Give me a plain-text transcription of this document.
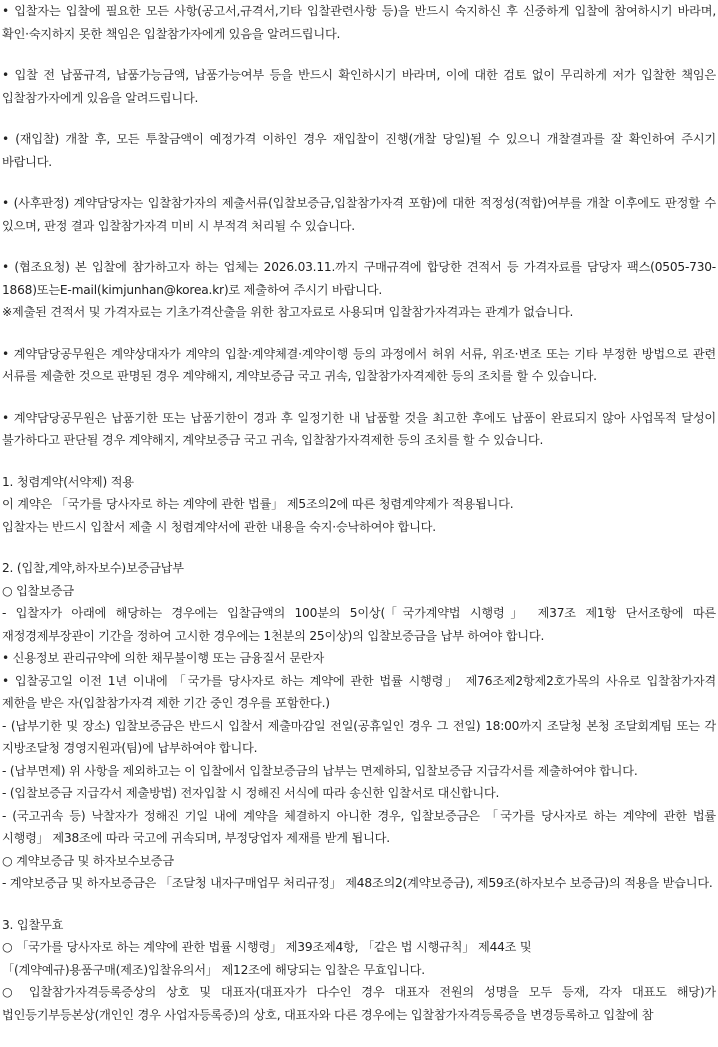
• 입찰자는 입찰에 필요한 모든 사항(공고서,규격서,기타 입찰관련사항 등)을 반드시 숙지하신 후 신중하게 입찰에 참여하시기 바라며,확인·숙지하지 못한 책임은 입찰참가자에게 있음을 알려드립니다.

• 입찰 전 납품규격, 납품가능금액, 납품가능여부 등을 반드시 확인하시기 바라며, 이에 대한 검토 없이 무리하게 저가 입찰한 책임은 입찰참가자에게 있음을 알려드립니다.

• (재입찰) 개찰 후, 모든 투찰금액이 예정가격 이하인 경우 재입찰이 진행(개찰 당일)될 수 있으니 개찰결과를 잘 확인하여 주시기 바랍니다.

• (사후판정) 계약담당자는 입찰참가자의 제출서류(입찰보증금,입찰참가자격 포함)에 대한 적정성(적합)여부를 개찰 이후에도 판정할 수 있으며, 판정 결과 입찰참가자격 미비 시 부적격 처리될 수 있습니다.

• (협조요청) 본 입찰에 참가하고자 하는 업체는 2026.03.11.까지 구매규격에 합당한 견적서 등 가격자료를 담당자 팩스(0505-730-1868)또는E-mail(kimjunhan@korea.kr)로 제출하여 주시기 바랍니다.

※제출된 견적서 및 가격자료는 기초가격산출을 위한 참고자료로 사용되며 입찰참가자격과는 관계가 없습니다.

• 계약담당공무원은 계약상대자가 계약의 입찰·계약체결·계약이행 등의 과정에서 허위 서류, 위조·변조 또는 기타 부정한 방법으로 관련 서류를 제출한 것으로 판명된 경우 계약해지, 계약보증금 국고 귀속, 입찰참가자격제한 등의 조치를 할 수 있습니다.

• 계약담당공무원은 납품기한 또는 납품기한이 경과 후 일정기한 내 납품할 것을 최고한 후에도 납품이 완료되지 않아 사업목적 달성이 불가하다고 판단될 경우 계약해지, 계약보증금 국고 귀속, 입찰참가자격제한 등의 조치를 할 수 있습니다.

1. 청렴계약(서약제) 적용

이 계약은 「국가를 당사자로 하는 계약에 관한 법률」 제5조의2에 따른 청렴계약제가 적용됩니다.

입찰자는 반드시 입찰서 제출 시 청렴계약서에 관한 내용을 숙지·승낙하여야 합니다.

2. (입찰,계약,하자보수)보증금납부

○ 입찰보증금

- 입찰자가 아래에 해당하는 경우에는 입찰금액의 100분의 5이상(「국가계약법 시행령」 제37조 제1항 단서조항에 따른 재정경제부장관이 기간을 정하여 고시한 경우에는 1천분의 25이상)의 입찰보증금을 납부 하여야 합니다.

• 신용정보 관리규약에 의한 채무불이행 또는 금융질서 문란자

• 입찰공고일 이전 1년 이내에 「국가를 당사자로 하는 계약에 관한 법률 시행령」 제76조제2항제2호가목의 사유로 입찰참가자격 제한을 받은 자(입찰참가자격 제한 기간 중인 경우를 포함한다.)

- (납부기한 및 장소) 입찰보증금은 반드시 입찰서 제출마감일 전일(공휴일인 경우 그 전일) 18:00까지 조달청 본청 조달회계팀 또는 각 지방조달청 경영지원과(팀)에 납부하여야 합니다.

- (납부면제) 위 사항을 제외하고는 이 입찰에서 입찰보증금의 납부는 면제하되, 입찰보증금 지급각서를 제출하여야 합니다.

- (입찰보증금 지급각서 제출방법) 전자입찰 시 정해진 서식에 따라 송신한 입찰서로 대신합니다.

- (국고귀속 등) 낙찰자가 정해진 기일 내에 계약을 체결하지 아니한 경우, 입찰보증금은 「국가를 당사자로 하는 계약에 관한 법률 시행령」 제38조에 따라 국고에 귀속되며, 부정당업자 제재를 받게 됩니다.

○ 계약보증금 및 하자보수보증금

- 계약보증금 및 하자보증금은 「조달청 내자구매업무 처리규정」 제48조의2(계약보증금), 제59조(하자보수 보증금)의 적용을 받습니다.

3. 입찰무효

○ 「국가를 당사자로 하는 계약에 관한 법률 시행령」 제39조제4항, 「같은 법 시행규칙」 제44조 및

「(계약예규)용품구매(제조)입찰유의서」 제12조에 해당되는 입찰은 무효입니다.

○ 입찰참가자격등록증상의 상호 및 대표자(대표자가 다수인 경우 대표자 전원의 성명을 모두 등재, 각자 대표도 해당)가 법인등기부등본상(개인인 경우 사업자등록증)의 상호, 대표자와 다른 경우에는 입찰참가자격등록증을 변경등록하고 입찰에 참
